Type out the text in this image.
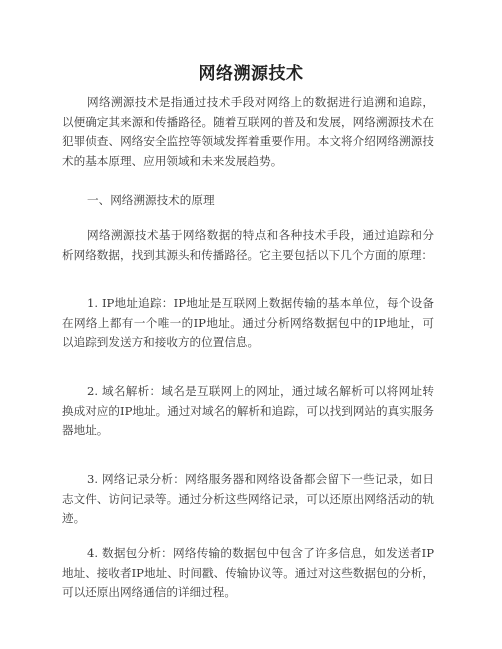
网络溯源技术

网络溯源技术是指通过技术手段对网络上的数据进行追溯和追踪，以便确定其来源和传播路径。随着互联网的普及和发展，网络溯源技术在犯罪侦查、网络安全监控等领域发挥着重要作用。本文将介绍网络溯源技术的基本原理、应用领域和未来发展趋势。

一、网络溯源技术的原理

网络溯源技术基于网络数据的特点和各种技术手段，通过追踪和分析网络数据，找到其源头和传播路径。它主要包括以下几个方面的原理：

1. IP地址追踪：IP地址是互联网上数据传输的基本单位，每个设备在网络上都有一个唯一的IP地址。通过分析网络数据包中的IP地址，可以追踪到发送方和接收方的位置信息。

2. 域名解析：域名是互联网上的网址，通过域名解析可以将网址转换成对应的IP地址。通过对域名的解析和追踪，可以找到网站的真实服务器地址。

3. 网络记录分析：网络服务器和网络设备都会留下一些记录，如日志文件、访问记录等。通过分析这些网络记录，可以还原出网络活动的轨迹。

4. 数据包分析：网络传输的数据包中包含了许多信息，如发送者IP地址、接收者IP地址、时间戳、传输协议等。通过对这些数据包的分析，可以还原出网络通信的详细过程。
